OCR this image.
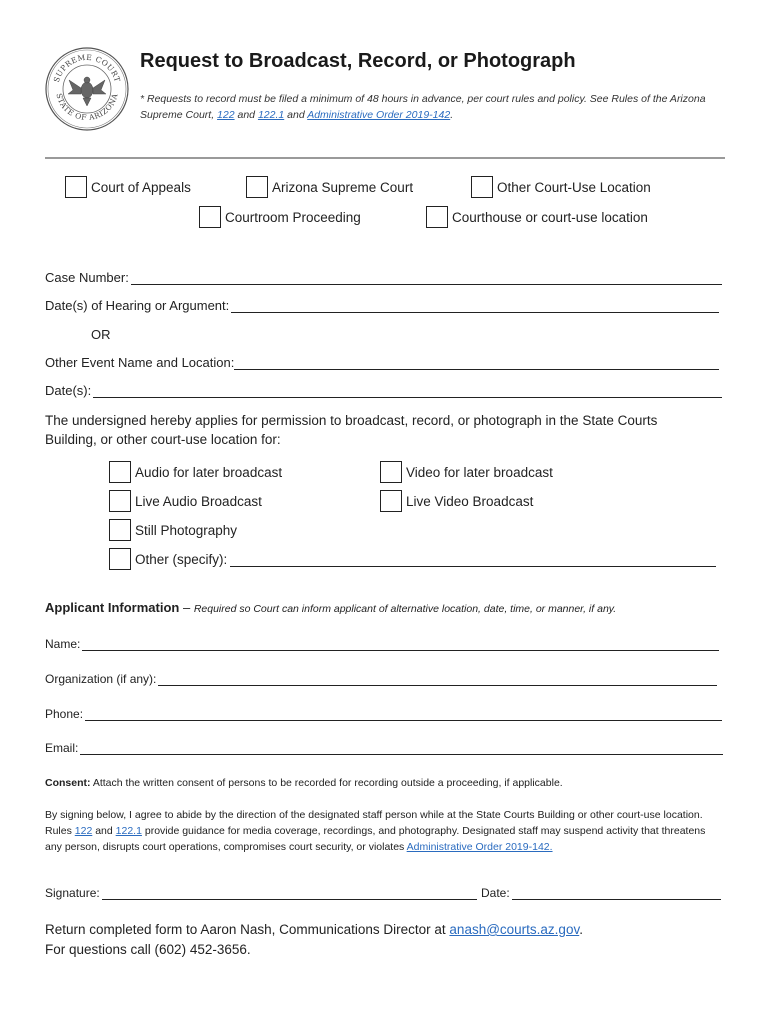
SUPREME COURT
STATE OF ARIZONA
Request to Broadcast, Record, or Photograph
* Requests to record must be filed a minimum of 48 hours in advance, per court rules and policy. See Rules of the Arizona Supreme Court, 122 and 122.1 and Administrative Order 2019-142.
Court of Appeals	Arizona Supreme Court	Other Court-Use Location
Courtroom Proceeding	Courthouse or court-use location
Case Number:
Date(s) of Hearing or Argument:
OR
Other Event Name and Location:
Date(s):
The undersigned hereby applies for permission to broadcast, record, or photograph in the State Courts Building, or other court-use location for:
Audio for later broadcast	Video for later broadcast
Live Audio Broadcast	Live Video Broadcast
Still Photography
Other (specify):
Applicant Information – Required so Court can inform applicant of alternative location, date, time, or manner, if any.
Name:
Organization (if any):
Phone:
Email:
Consent: Attach the written consent of persons to be recorded for recording outside a proceeding, if applicable.
By signing below, I agree to abide by the direction of the designated staff person while at the State Courts Building or other court-use location. Rules 122 and 122.1 provide guidance for media coverage, recordings, and photography. Designated staff may suspend activity that threatens any person, disrupts court operations, compromises court security, or violates Administrative Order 2019-142.
Signature:	Date:
Return completed form to Aaron Nash, Communications Director at anash@courts.az.gov.
For questions call (602) 452-3656.
